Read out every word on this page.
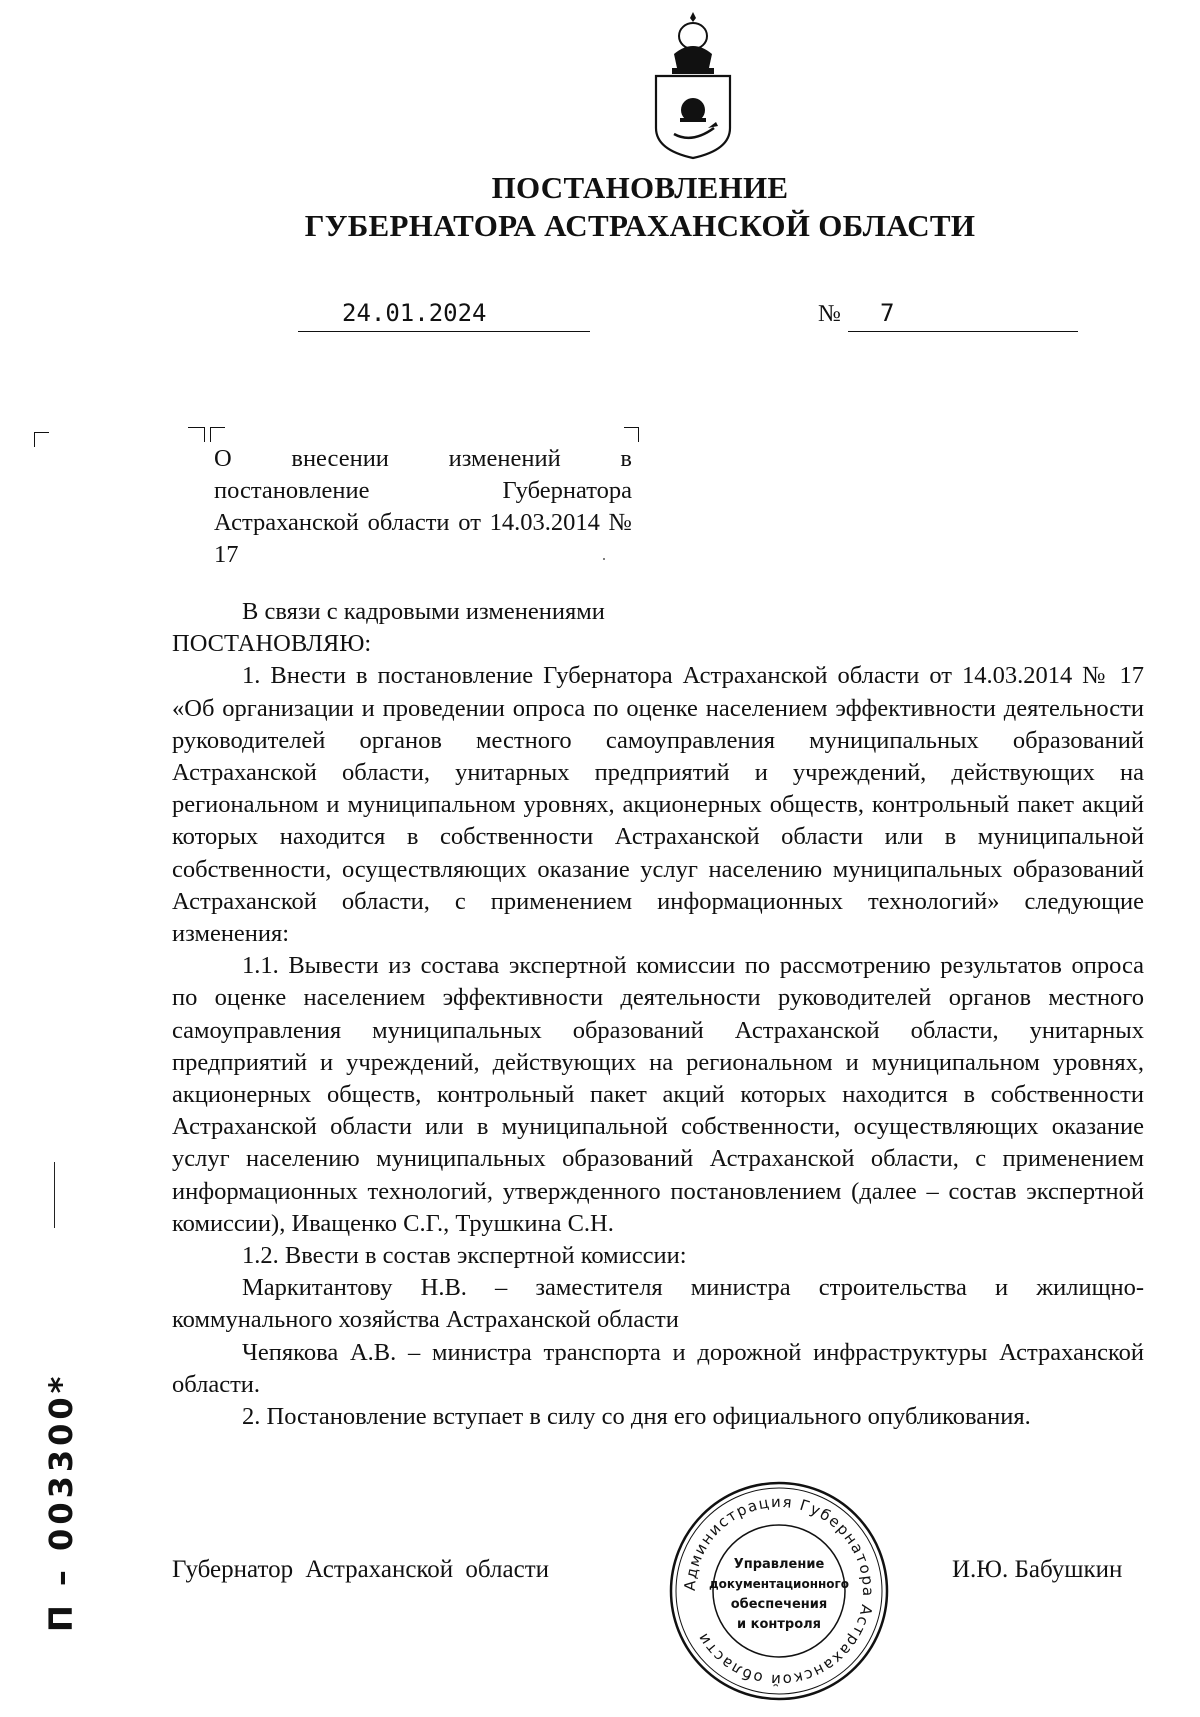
ПОСТАНОВЛЕНИЕ
ГУБЕРНАТОРА АСТРАХАНСКОЙ ОБЛАСТИ
24.01.2024	№ 7
О внесении изменений в постановление Губернатора Астраханской области от 14.03.2014 № 17

В связи с кадровыми изменениями

ПОСТАНОВЛЯЮ:

1. Внести в постановление Губернатора Астраханской области от 14.03.2014 № 17 «Об организации и проведении опроса по оценке населением эффективности деятельности руководителей органов местного самоуправления муниципальных образований Астраханской области, унитарных предприятий и учреждений, действующих на региональном и муниципальном уровнях, акционерных обществ, контрольный пакет акций которых находится в собственности Астраханской области или в муниципальной собственности, осуществляющих оказание услуг населению муниципальных образований Астраханской области, с применением информационных технологий» следующие изменения:

1.1. Вывести из состава экспертной комиссии по рассмотрению результатов опроса по оценке населением эффективности деятельности руководителей органов местного самоуправления муниципальных образований Астраханской области, унитарных предприятий и учреждений, действующих на региональном и муниципальном уровнях, акционерных обществ, контрольный пакет акций которых находится в собственности Астраханской области или в муниципальной собственности, осуществляющих оказание услуг населению муниципальных образований Астраханской области, с применением информационных технологий, утвержденного постановлением (далее – состав экспертной комиссии), Иващенко С.Г., Трушкина С.Н.

1.2. Ввести в состав экспертной комиссии:

Маркитантову Н.В. – заместителя министра строительства и жилищно-коммунального хозяйства Астраханской области

Чепякова А.В. – министра транспорта и дорожной инфраструктуры Астраханской области.

2. Постановление вступает в силу со дня его официального опубликования.

Губернатор Астраханской области	И.Ю. Бабушкин
Администрация Губернатора Астраханской области
Управление
документационного
обеспечения
и контроля
П – 003300*
